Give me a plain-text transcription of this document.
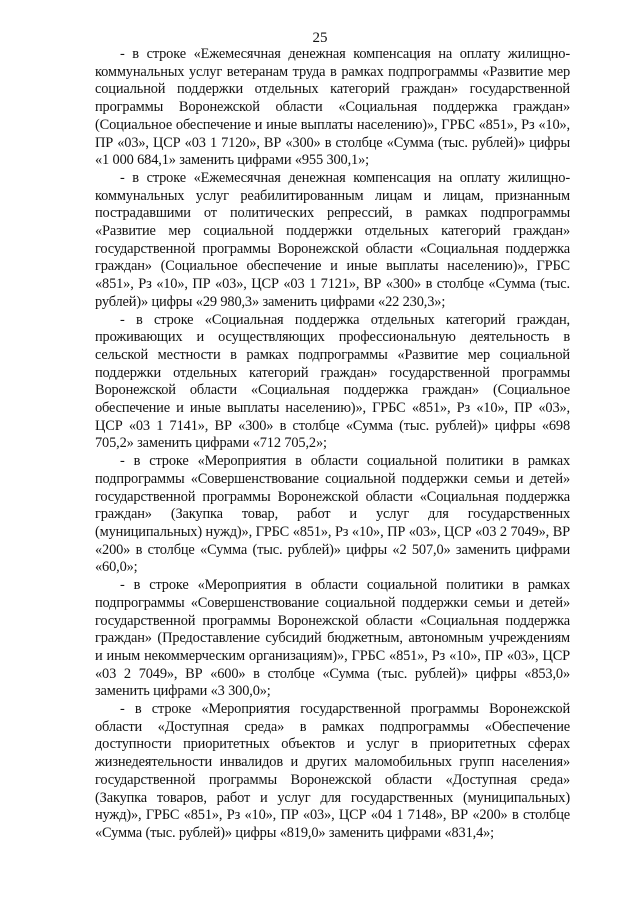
25

- в строке «Ежемесячная денежная компенсация на оплату жилищно-коммунальных услуг ветеранам труда в рамках подпрограммы «Развитие мер социальной поддержки отдельных категорий граждан» государственной программы Воронежской области «Социальная поддержка граждан» (Социальное обеспечение и иные выплаты населению)», ГРБС «851», Рз «10», ПР «03», ЦСР «03 1 7120», ВР «300» в столбце «Сумма (тыс. рублей)» цифры «1 000 684,1» заменить цифрами «955 300,1»;

- в строке «Ежемесячная денежная компенсация на оплату жилищно-коммунальных услуг реабилитированным лицам и лицам, признанным пострадавшими от политических репрессий, в рамках подпрограммы «Развитие мер социальной поддержки отдельных категорий граждан» государственной программы Воронежской области «Социальная поддержка граждан» (Социальное обеспечение и иные выплаты населению)», ГРБС «851», Рз «10», ПР «03», ЦСР «03 1 7121», ВР «300» в столбце «Сумма (тыс. рублей)» цифры «29 980,3» заменить цифрами «22 230,3»;

- в строке «Социальная поддержка отдельных категорий граждан, проживающих и осуществляющих профессиональную деятельность в сельской местности в рамках подпрограммы «Развитие мер социальной поддержки отдельных категорий граждан» государственной программы Воронежской области «Социальная поддержка граждан» (Социальное обеспечение и иные выплаты населению)», ГРБС «851», Рз «10», ПР «03», ЦСР «03 1 7141», ВР «300» в столбце «Сумма (тыс. рублей)» цифры «698 705,2» заменить цифрами «712 705,2»;

- в строке «Мероприятия в области социальной политики в рамках подпрограммы «Совершенствование социальной поддержки семьи и детей» государственной программы Воронежской области «Социальная поддержка граждан» (Закупка товар, работ и услуг для государственных (муниципальных) нужд)», ГРБС «851», Рз «10», ПР «03», ЦСР «03 2 7049», ВР «200» в столбце «Сумма (тыс. рублей)» цифры «2 507,0» заменить цифрами «60,0»;

- в строке «Мероприятия в области социальной политики в рамках подпрограммы «Совершенствование социальной поддержки семьи и детей» государственной программы Воронежской области «Социальная поддержка граждан» (Предоставление субсидий бюджетным, автономным учреждениям и иным некоммерческим организациям)», ГРБС «851», Рз «10», ПР «03», ЦСР «03 2 7049», ВР «600» в столбце «Сумма (тыс. рублей)» цифры «853,0» заменить цифрами «3 300,0»;

- в строке «Мероприятия государственной программы Воронежской области «Доступная среда» в рамках подпрограммы «Обеспечение доступности приоритетных объектов и услуг в приоритетных сферах жизнедеятельности инвалидов и других маломобильных групп населения» государственной программы Воронежской области «Доступная среда» (Закупка товаров, работ и услуг для государственных (муниципальных) нужд)», ГРБС «851», Рз «10», ПР «03», ЦСР «04 1 7148», ВР «200» в столбце «Сумма (тыс. рублей)» цифры «819,0» заменить цифрами «831,4»;
